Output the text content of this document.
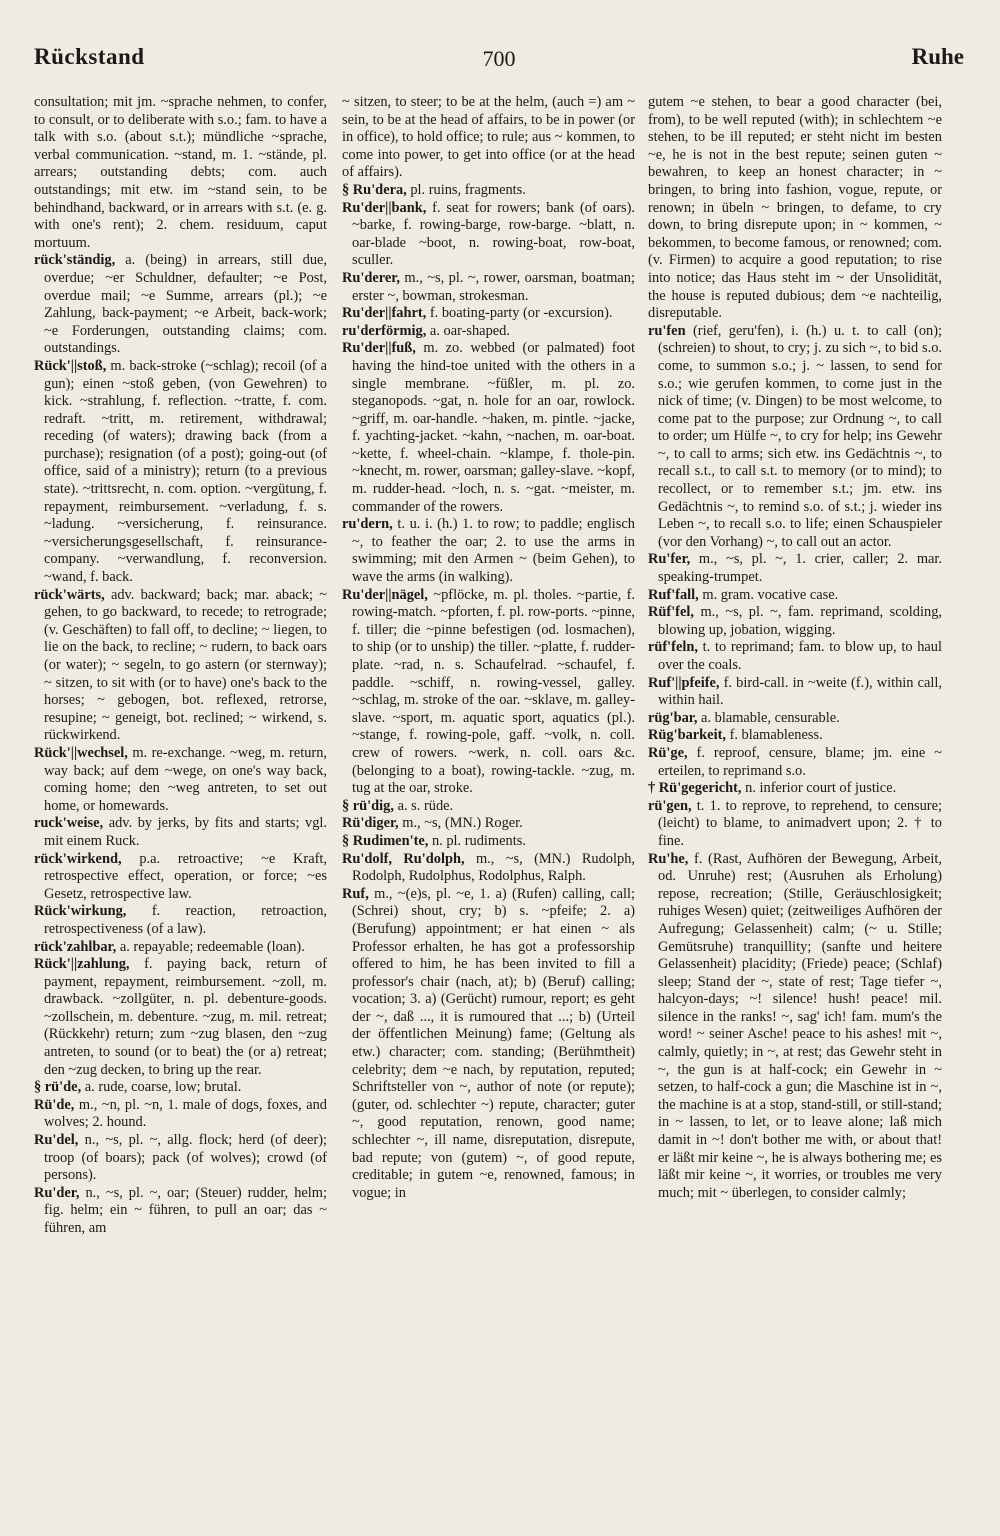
Rückstand	700	Ruhe

consultation; mit jm. ~sprache nehmen, to confer, to consult, or to deliberate with s.o.; fam. to have a talk with s.o. (about s.t.); mündliche ~sprache, verbal communication. ~stand, m. 1. ~stände, pl. arrears; outstanding debts; com. auch outstandings; mit etw. im ~stand sein, to be behindhand, backward, or in arrears with s.t. (e. g. with one's rent); 2. chem. residuum, caput mortuum.

rück'ständig, a. (being) in arrears, still due, overdue; ~er Schuldner, defaulter; ~e Post, overdue mail; ~e Summe, arrears (pl.); ~e Zahlung, back-payment; ~e Arbeit, back-work; ~e Forderungen, outstanding claims; com. outstandings.

Rück'||stoß, m. back-stroke (~schlag); recoil (of a gun); einen ~stoß geben, (von Gewehren) to kick. ~strahlung, f. reflection. ~tratte, f. com. redraft. ~tritt, m. retirement, withdrawal; receding (of waters); drawing back (from a purchase); resignation (of a post); going-out (of office, said of a ministry); return (to a previous state). ~trittsrecht, n. com. option. ~vergütung, f. repayment, reimbursement. ~verladung, f. s. ~ladung. ~versicherung, f. reinsurance. ~versicherungsgesellschaft, f. reinsurance-company. ~verwandlung, f. reconversion. ~wand, f. back.

rück'wärts, adv. backward; back; mar. aback; ~ gehen, to go backward, to recede; to retrograde; (v. Geschäften) to fall off, to decline; ~ liegen, to lie on the back, to recline; ~ rudern, to back oars (or water); ~ segeln, to go astern (or sternway); ~ sitzen, to sit with (or to have) one's back to the horses; ~ gebogen, bot. reflexed, retrorse, resupine; ~ geneigt, bot. reclined; ~ wirkend, s. rückwirkend.

Rück'||wechsel, m. re-exchange. ~weg, m. return, way back; auf dem ~wege, on one's way back, coming home; den ~weg antreten, to set out home, or homewards.

ruck'weise, adv. by jerks, by fits and starts; vgl. mit einem Ruck.

rück'wirkend, p.a. retroactive; ~e Kraft, retrospective effect, operation, or force; ~es Gesetz, retrospective law.

Rück'wirkung, f. reaction, retroaction, retrospectiveness (of a law).

rück'zahlbar, a. repayable; redeemable (loan).

Rück'||zahlung, f. paying back, return of payment, repayment, reimbursement. ~zoll, m. drawback. ~zollgüter, n. pl. debenture-goods. ~zollschein, m. debenture. ~zug, m. mil. retreat; (Rückkehr) return; zum ~zug blasen, den ~zug antreten, to sound (or to beat) the (or a) retreat; den ~zug decken, to bring up the rear.

§ rü'de, a. rude, coarse, low; brutal.

Rü'de, m., ~n, pl. ~n, 1. male of dogs, foxes, and wolves; 2. hound.

Ru'del, n., ~s, pl. ~, allg. flock; herd (of deer); troop (of boars); pack (of wolves); crowd (of persons).

Ru'der, n., ~s, pl. ~, oar; (Steuer) rudder, helm; fig. helm; ein ~ führen, to pull an oar; das ~ führen, am

~ sitzen, to steer; to be at the helm, (auch =) am ~ sein, to be at the head of affairs, to be in power (or in office), to hold office; to rule; aus ~ kommen, to come into power, to get into office (or at the head of affairs).

§ Ru'dera, pl. ruins, fragments.

Ru'der||bank, f. seat for rowers; bank (of oars). ~barke, f. rowing-barge, row-barge. ~blatt, n. oar-blade ~boot, n. rowing-boat, row-boat, sculler.

Ru'derer, m., ~s, pl. ~, rower, oarsman, boatman; erster ~, bowman, strokesman.

Ru'der||fahrt, f. boating-party (or -excursion).

ru'derförmig, a. oar-shaped.

Ru'der||fuß, m. zo. webbed (or palmated) foot having the hind-toe united with the others in a single membrane. ~füßler, m. pl. zo. steganopods. ~gat, n. hole for an oar, rowlock. ~griff, m. oar-handle. ~haken, m. pintle. ~jacke, f. yachting-jacket. ~kahn, ~nachen, m. oar-boat. ~kette, f. wheel-chain. ~klampe, f. thole-pin. ~knecht, m. rower, oarsman; galley-slave. ~kopf, m. rudder-head. ~loch, n. s. ~gat. ~meister, m. commander of the rowers.

ru'dern, t. u. i. (h.) 1. to row; to paddle; englisch ~, to feather the oar; 2. to use the arms in swimming; mit den Armen ~ (beim Gehen), to wave the arms (in walking).

Ru'der||nägel, ~pflöcke, m. pl. tholes. ~partie, f. rowing-match. ~pforten, f. pl. row-ports. ~pinne, f. tiller; die ~pinne befestigen (od. losmachen), to ship (or to unship) the tiller. ~platte, f. rudder-plate. ~rad, n. s. Schaufelrad. ~schaufel, f. paddle. ~schiff, n. rowing-vessel, galley. ~schlag, m. stroke of the oar. ~sklave, m. galley-slave. ~sport, m. aquatic sport, aquatics (pl.). ~stange, f. rowing-pole, gaff. ~volk, n. coll. crew of rowers. ~werk, n. coll. oars &c. (belonging to a boat), rowing-tackle. ~zug, m. tug at the oar, stroke.

§ rü'dig, a. s. rüde.

Rü'diger, m., ~s, (MN.) Roger.

§ Rudimen'te, n. pl. rudiments.

Ru'dolf, Ru'dolph, m., ~s, (MN.) Rudolph, Rodolph, Rudolphus, Rodolphus, Ralph.

Ruf, m., ~(e)s, pl. ~e, 1. a) (Rufen) calling, call; (Schrei) shout, cry; b) s. ~pfeife; 2. a) (Berufung) appointment; er hat einen ~ als Professor erhalten, he has got a professorship offered to him, he has been invited to fill a professor's chair (nach, at); b) (Beruf) calling; vocation; 3. a) (Gerücht) rumour, report; es geht der ~, daß ..., it is rumoured that ...; b) (Urteil der öffentlichen Meinung) fame; (Geltung als etw.) character; com. standing; (Berühmtheit) celebrity; dem ~e nach, by reputation, reputed; Schriftsteller von ~, author of note (or repute); (guter, od. schlechter ~) repute, character; guter ~, good reputation, renown, good name; schlechter ~, ill name, disreputation, disrepute, bad repute; von (gutem) ~, of good repute, creditable; in gutem ~e, renowned, famous; in vogue; in

gutem ~e stehen, to bear a good character (bei, from), to be well reputed (with); in schlechtem ~e stehen, to be ill reputed; er steht nicht im besten ~e, he is not in the best repute; seinen guten ~ bewahren, to keep an honest character; in ~ bringen, to bring into fashion, vogue, repute, or renown; in übeln ~ bringen, to defame, to cry down, to bring disrepute upon; in ~ kommen, ~ bekommen, to become famous, or renowned; com. (v. Firmen) to acquire a good reputation; to rise into notice; das Haus steht im ~ der Unsolidität, the house is reputed dubious; dem ~e nachteilig, disreputable.

ru'fen (rief, geru'fen), i. (h.) u. t. to call (on); (schreien) to shout, to cry; j. zu sich ~, to bid s.o. come, to summon s.o.; j. ~ lassen, to send for s.o.; wie gerufen kommen, to come just in the nick of time; (v. Dingen) to be most welcome, to come pat to the purpose; zur Ordnung ~, to call to order; um Hülfe ~, to cry for help; ins Gewehr ~, to call to arms; sich etw. ins Gedächtnis ~, to recall s.t., to call s.t. to memory (or to mind); to recollect, or to remember s.t.; jm. etw. ins Gedächtnis ~, to remind s.o. of s.t.; j. wieder ins Leben ~, to recall s.o. to life; einen Schauspieler (vor den Vorhang) ~, to call out an actor.

Ru'fer, m., ~s, pl. ~, 1. crier, caller; 2. mar. speaking-trumpet.

Ruf'fall, m. gram. vocative case.

Rüf'fel, m., ~s, pl. ~, fam. reprimand, scolding, blowing up, jobation, wigging.

rüf'feln, t. to reprimand; fam. to blow up, to haul over the coals.

Ruf'||pfeife, f. bird-call. in ~weite (f.), within call, within hail.

rüg'bar, a. blamable, censurable.

Rüg'barkeit, f. blamableness.

Rü'ge, f. reproof, censure, blame; jm. eine ~ erteilen, to reprimand s.o.

† Rü'gegericht, n. inferior court of justice.

rü'gen, t. 1. to reprove, to reprehend, to censure; (leicht) to blame, to animadvert upon; 2. † to fine.

Ru'he, f. (Rast, Aufhören der Bewegung, Arbeit, od. Unruhe) rest; (Ausruhen als Erholung) repose, recreation; (Stille, Geräuschlosigkeit; ruhiges Wesen) quiet; (zeitweiliges Aufhören der Aufregung; Gelassenheit) calm; (~ u. Stille; Gemütsruhe) tranquillity; (sanfte und heitere Gelassenheit) placidity; (Friede) peace; (Schlaf) sleep; Stand der ~, state of rest; Tage tiefer ~, halcyon-days; ~! silence! hush! peace! mil. silence in the ranks! ~, sag' ich! fam. mum's the word! ~ seiner Asche! peace to his ashes! mit ~, calmly, quietly; in ~, at rest; das Gewehr steht in ~, the gun is at half-cock; ein Gewehr in ~ setzen, to half-cock a gun; die Maschine ist in ~, the machine is at a stop, stand-still, or still-stand; in ~ lassen, to let, or to leave alone; laß mich damit in ~! don't bother me with, or about that! er läßt mir keine ~, he is always bothering me; es läßt mir keine ~, it worries, or troubles me very much; mit ~ überlegen, to consider calmly;
